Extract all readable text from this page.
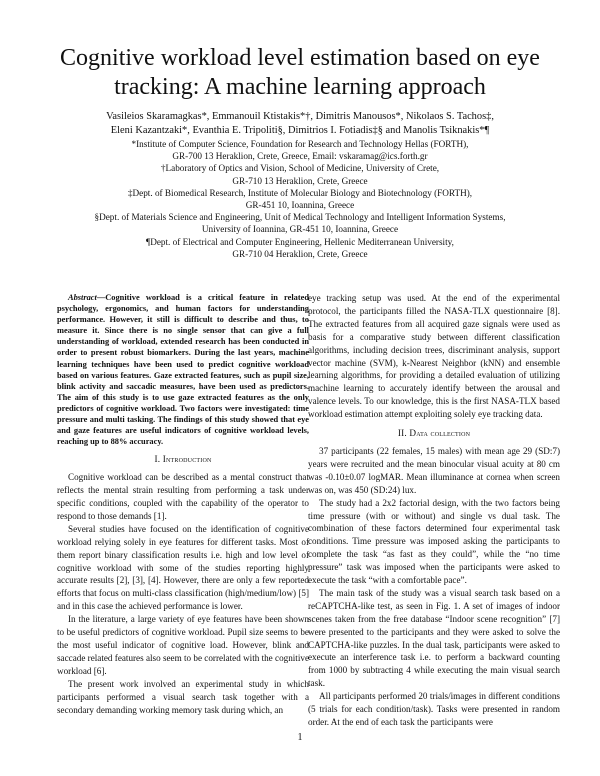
Cognitive workload level estimation based on eye tracking: A machine learning approach
Vasileios Skaramagkas*, Emmanouil Ktistakis*†, Dimitris Manousos*, Nikolaos S. Tachos‡,
Eleni Kazantzaki*, Evanthia E. Tripoliti§, Dimitrios I. Fotiadis‡§ and Manolis Tsiknakis*¶
*Institute of Computer Science, Foundation for Research and Technology Hellas (FORTH),
GR-700 13 Heraklion, Crete, Greece, Email: vskaramag@ics.forth.gr
†Laboratory of Optics and Vision, School of Medicine, University of Crete,
GR-710 13 Heraklion, Crete, Greece
‡Dept. of Biomedical Research, Institute of Molecular Biology and Biotechnology (FORTH),
GR-451 10, Ioannina, Greece
§Dept. of Materials Science and Engineering, Unit of Medical Technology and Intelligent Information Systems,
University of Ioannina, GR-451 10, Ioannina, Greece
¶Dept. of Electrical and Computer Engineering, Hellenic Mediterranean University,
GR-710 04 Heraklion, Crete, Greece

Abstract—Cognitive workload is a critical feature in related psychology, ergonomics, and human factors for understanding performance. However, it still is difficult to describe and thus, to measure it. Since there is no single sensor that can give a full understanding of workload, extended research has been conducted in order to present robust biomarkers. During the last years, machine learning techniques have been used to predict cognitive workload based on various features. Gaze extracted features, such as pupil size, blink activity and saccadic measures, have been used as predictors. The aim of this study is to use gaze extracted features as the only predictors of cognitive workload. Two factors were investigated: time pressure and multi tasking. The findings of this study showed that eye and gaze features are useful indicators of cognitive workload levels, reaching up to 88% accuracy.

I. Introduction

Cognitive workload can be described as a mental construct that reflects the mental strain resulting from performing a task under specific conditions, coupled with the capability of the operator to respond to those demands [1].

Several studies have focused on the identification of cognitive workload relying solely in eye features for different tasks. Most of them report binary classification results i.e. high and low level of cognitive workload with some of the studies reporting highly accurate results [2], [3], [4]. However, there are only a few reported efforts that focus on multi-class classification (high/medium/low) [5] and in this case the achieved performance is lower.

In the literature, a large variety of eye features have been shown to be useful predictors of cognitive workload. Pupil size seems to be the most useful indicator of cognitive load. However, blink and saccade related features also seem to be correlated with the cognitive workload [6].

The present work involved an experimental study in which participants performed a visual search task together with a secondary demanding working memory task during which, an

eye tracking setup was used. At the end of the experimental protocol, the participants filled the NASA-TLX questionnaire [8]. The extracted features from all acquired gaze signals were used as basis for a comparative study between different classification algorithms, including decision trees, discriminant analysis, support vector machine (SVM), k-Nearest Neighbor (kNN) and ensemble learning algorithms, for providing a detailed evaluation of utilizing machine learning to accurately identify between the arousal and valence levels. To our knowledge, this is the first NASA-TLX based workload estimation attempt exploiting solely eye tracking data.

II. Data collection

37 participants (22 females, 15 males) with mean age 29 (SD:7) years were recruited and the mean binocular visual acuity at 80 cm was -0.10±0.07 logMAR. Mean illuminance at cornea when screen was on, was 450 (SD:24) lux.

The study had a 2x2 factorial design, with the two factors being time pressure (with or without) and single vs dual task. The combination of these factors determined four experimental task conditions. Time pressure was imposed asking the participants to complete the task “as fast as they could”, while the “no time pressure” task was imposed when the participants were asked to execute the task “with a comfortable pace”.

The main task of the study was a visual search task based on a reCAPTCHA-like test, as seen in Fig. 1. A set of images of indoor scenes taken from the free database “Indoor scene recognition” [7] were presented to the participants and they were asked to solve the CAPTCHA-like puzzles. In the dual task, participants were asked to execute an interference task i.e. to perform a backward counting from 1000 by subtracting 4 while executing the main visual search task.

All participants performed 20 trials/images in different conditions (5 trials for each condition/task). Tasks were presented in random order. At the end of each task the participants were

1
